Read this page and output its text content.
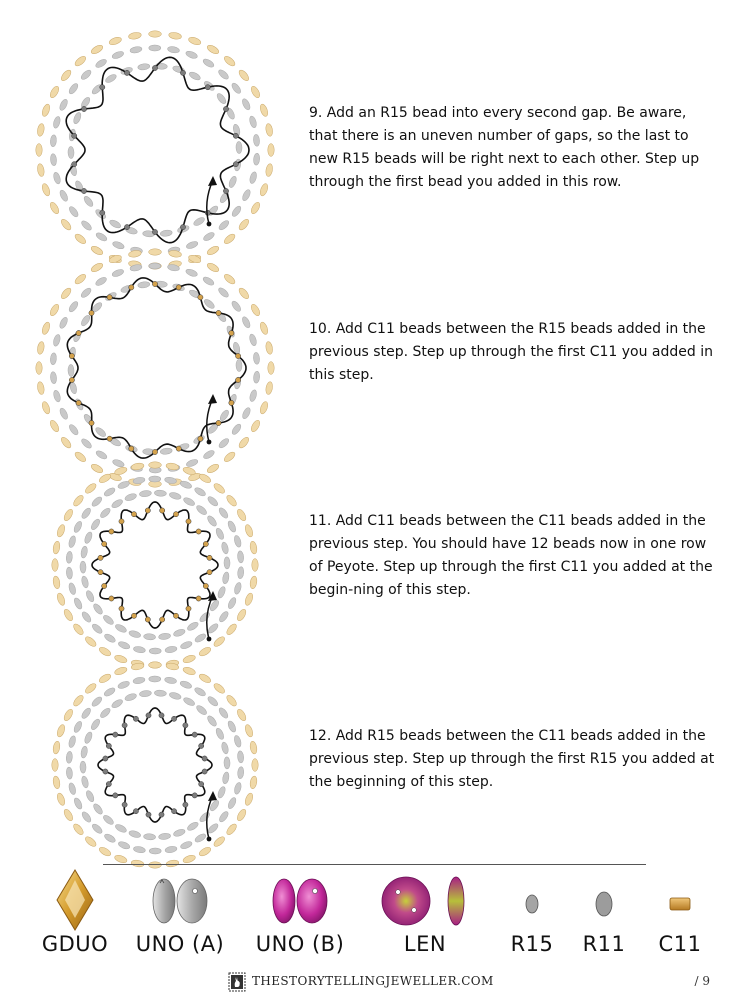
9. Add an R15 bead into every second gap. Be aware, that there is an uneven number of gaps, so the last to new R15 beads will be right next to each other. Step up through the first bead you added in this row.

10. Add C11 beads between the R15 beads added in the previous step. Step up through the first C11 you added in this step.

11. Add C11 beads between the C11 beads added in the previous step. You should have 12 beads now in one row of Peyote. Step up through the first C11 you added at the begin-ning of this step.

12. Add R15 beads between the C11 beads added in the previous step. Step up through the first R15 you added at the beginning of this step.

GDUO	UNO (A) UNO (B)	LEN	R15	R11	C11
THESTORYTELLINGJEWELLER.COM	/ 9
